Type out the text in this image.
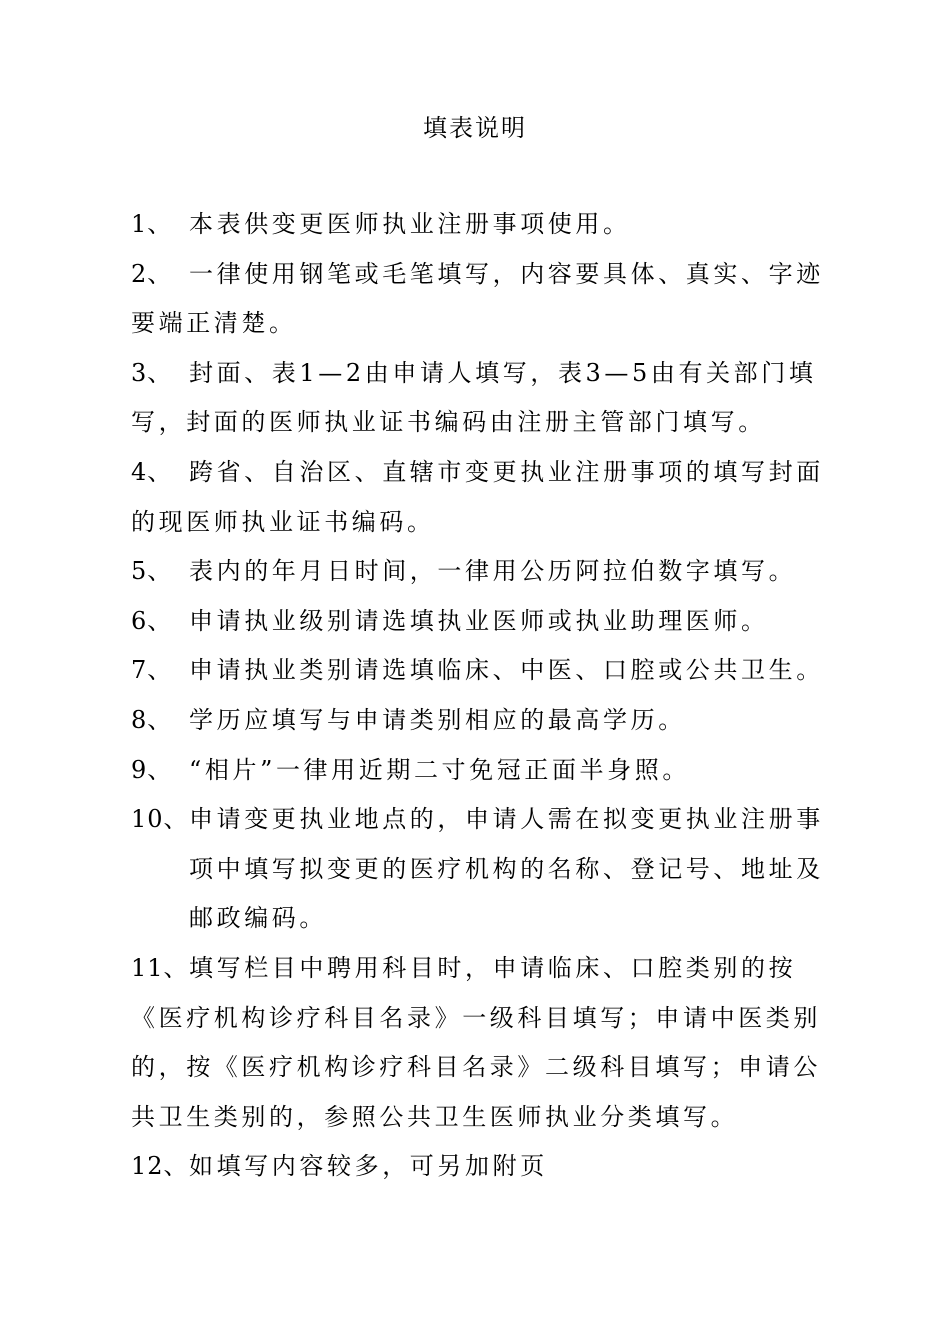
填表说明
1、 本表供变更医师执业注册事项使用。
2、 一律使用钢笔或毛笔填写，内容要具体、真实、字迹要端正清楚。
3、 封面、表1—2由申请人填写，表3—5由有关部门填写，封面的医师执业证书编码由注册主管部门填写。
4、 跨省、自治区、直辖市变更执业注册事项的填写封面的现医师执业证书编码。
5、 表内的年月日时间，一律用公历阿拉伯数字填写。
6、 申请执业级别请选填执业医师或执业助理医师。
7、 申请执业类别请选填临床、中医、口腔或公共卫生。
8、 学历应填写与申请类别相应的最高学历。
9、 “相片”一律用近期二寸免冠正面半身照。
10、 申请变更执业地点的，申请人需在拟变更执业注册事项中填写拟变更的医疗机构的名称、登记号、地址及邮政编码。
11、填写栏目中聘用科目时，申请临床、口腔类别的按《医疗机构诊疗科目名录》一级科目填写；申请中医类别的，按《医疗机构诊疗科目名录》二级科目填写；申请公共卫生类别的，参照公共卫生医师执业分类填写。
12、如填写内容较多，可另加附页
